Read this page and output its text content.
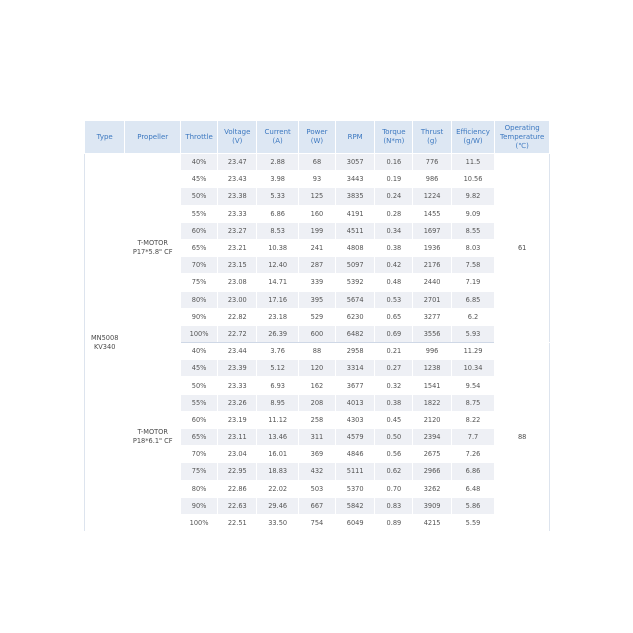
Type	Propeller	Throttle	Voltage
(V)	Current
(A)	Power
(W)	RPM	Torque
(N*m)	Thrust
(g)	Efficiency
(g/W)	Operating
Temperature
(℃)

MN5008
KV340	T-MOTOR
P17*5.8" CF	40%	23.47	2.88	68	3057	0.16	776	11.5	61
		45%	23.43	3.98	93	3443	0.19	986	10.56	
		50%	23.38	5.33	125	3835	0.24	1224	9.82	
		55%	23.33	6.86	160	4191	0.28	1455	9.09	
		60%	23.27	8.53	199	4511	0.34	1697	8.55	
		65%	23.21	10.38	241	4808	0.38	1936	8.03	
		70%	23.15	12.40	287	5097	0.42	2176	7.58	
		75%	23.08	14.71	339	5392	0.48	2440	7.19	
		80%	23.00	17.16	395	5674	0.53	2701	6.85	
		90%	22.82	23.18	529	6230	0.65	3277	6.2	
		100%	22.72	26.39	600	6482	0.69	3556	5.93	

	T-MOTOR
P18*6.1" CF	40%	23.44	3.76	88	2958	0.21	996	11.29	88
		45%	23.39	5.12	120	3314	0.27	1238	10.34	
		50%	23.33	6.93	162	3677	0.32	1541	9.54	
		55%	23.26	8.95	208	4013	0.38	1822	8.75	
		60%	23.19	11.12	258	4303	0.45	2120	8.22	
		65%	23.11	13.46	311	4579	0.50	2394	7.7	
		70%	23.04	16.01	369	4846	0.56	2675	7.26	
		75%	22.95	18.83	432	5111	0.62	2966	6.86	
		80%	22.86	22.02	503	5370	0.70	3262	6.48	
		90%	22.63	29.46	667	5842	0.83	3909	5.86	
		100%	22.51	33.50	754	6049	0.89	4215	5.59	
